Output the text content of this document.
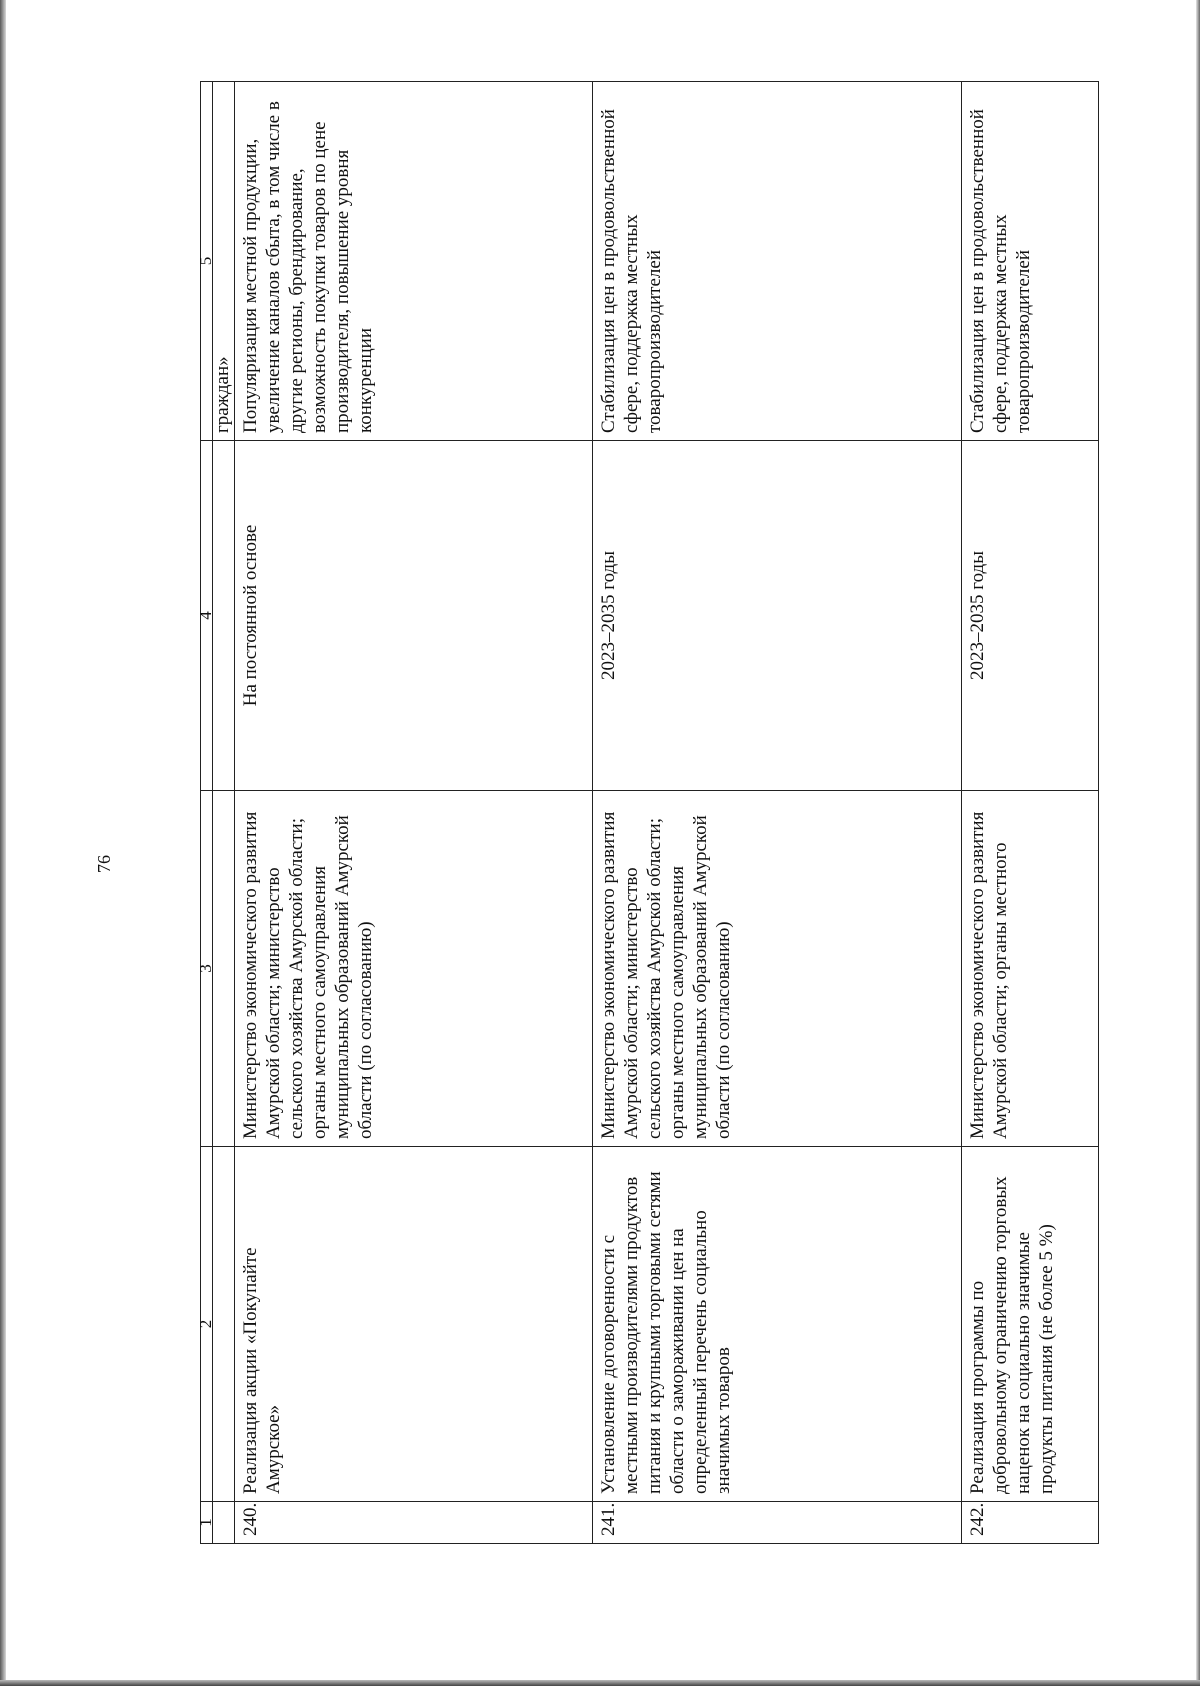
76
1	2	3	4	5
				граждан»
240.	Реализация акции «Покупайте Амурское»	Министерство экономического развития Амурской области; министерство сельского хозяйства Амурской области; органы местного самоуправления муниципальных образований Амурской области (по согласованию)	На постоянной основе	Популяризация местной продукции, увеличение каналов сбыта, в том числе в другие регионы, брендирование, возможность покупки товаров по цене производителя, повышение уровня конкуренции
241.	Установление договоренности с местными производителями продуктов питания и крупными торговыми сетями области о замораживании цен на определенный перечень социально значимых товаров	Министерство экономического развития Амурской области; министерство сельского хозяйства Амурской области; органы местного самоуправления муниципальных образований Амурской области (по согласованию)	2023–2035 годы	Стабилизация цен в продовольственной сфере, поддержка местных товаропроизводителей
242.	Реализация программы по добровольному ограничению торговых наценок на социально значимые продукты питания (не более 5 %)	Министерство экономического развития Амурской области; органы местного	2023–2035 годы	Стабилизация цен в продовольственной сфере, поддержка местных товаропроизводителей
